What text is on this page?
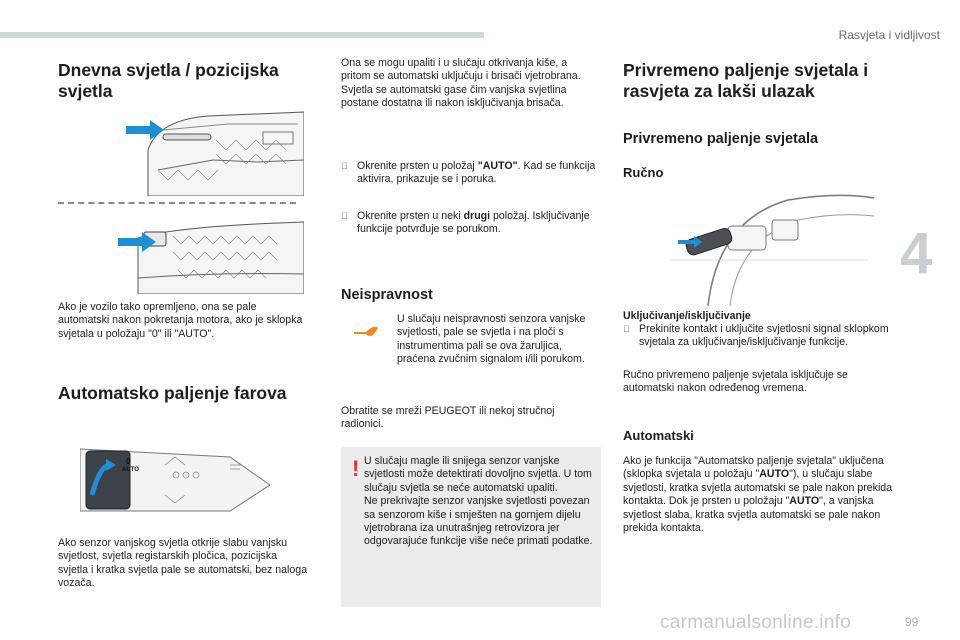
Rasvjeta i vidljivost
4
Dnevna svjetla / pozicijska svjetla

Ako je vozilo tako opremljeno, ona se pale automatski nakon pokretanja motora, ako je sklopka svjetala u položaju "0" ili "AUTO".

Automatsko paljenje farova
0
AUTO

Ako senzor vanjskog svjetla otkrije slabu vanjsku svjetlost, svjetla registarskih pločica, pozicijska svjetla i kratka svjetla pale se automatski, bez naloga vozača.

Ona se mogu upaliti i u slučaju otkrivanja kiše, a pritom se automatski uključuju i brisači vjetrobrana.
Svjetla se automatski gase čim vanjska svjetlina postane dostatna ili nakon isključivanja brisača.

Okrenite prsten u položaj "AUTO". Kad se funkcija aktivira, prikazuje se i poruka.
Okrenite prsten u neki drugi položaj. Isključivanje funkcije potvrđuje se porukom.
Neispravnost

U slučaju neispravnosti senzora vanjske svjetlosti, pale se svjetla i na ploči s instrumentima pali se ova žaruljica, praćena zvučnim signalom i/ili porukom.

Obratite se mreži PEUGEOT ili nekoj stručnoj radionici.

! U slučaju magle ili snijega senzor vanjske svjetlosti može detektirati dovoljno svjetla. U tom slučaju svjetla se neće automatski upaliti.
Ne prekrivajte senzor vanjske svjetlosti povezan sa senzorom kiše i smješten na gornjem dijelu vjetrobrana iza unutrašnjeg retrovizora jer odgovarajuće funkcije više neće primati podatke.

Privremeno paljenje svjetala i rasvjeta za lakši ulazak
Privremeno paljenje svjetala
Ručno
Uključivanje/isključivanje
Prekinite kontakt i uključite svjetlosni signal sklopkom svjetala za uključivanje/isključivanje funkcije.

Ručno privremeno paljenje svjetala isključuje se automatski nakon određenog vremena.

Automatski

Ako je funkcija "Automatsko paljenje svjetala" uključena (sklopka svjetala u položaju "AUTO"), u slučaju slabe svjetlosti, kratka svjetla automatski se pale nakon prekida kontakta. Dok je prsten u položaju "AUTO", a vanjska svjetlost slaba, kratka svjetla automatski se pale nakon prekida kontakta.

carmanualsonline.info	99
